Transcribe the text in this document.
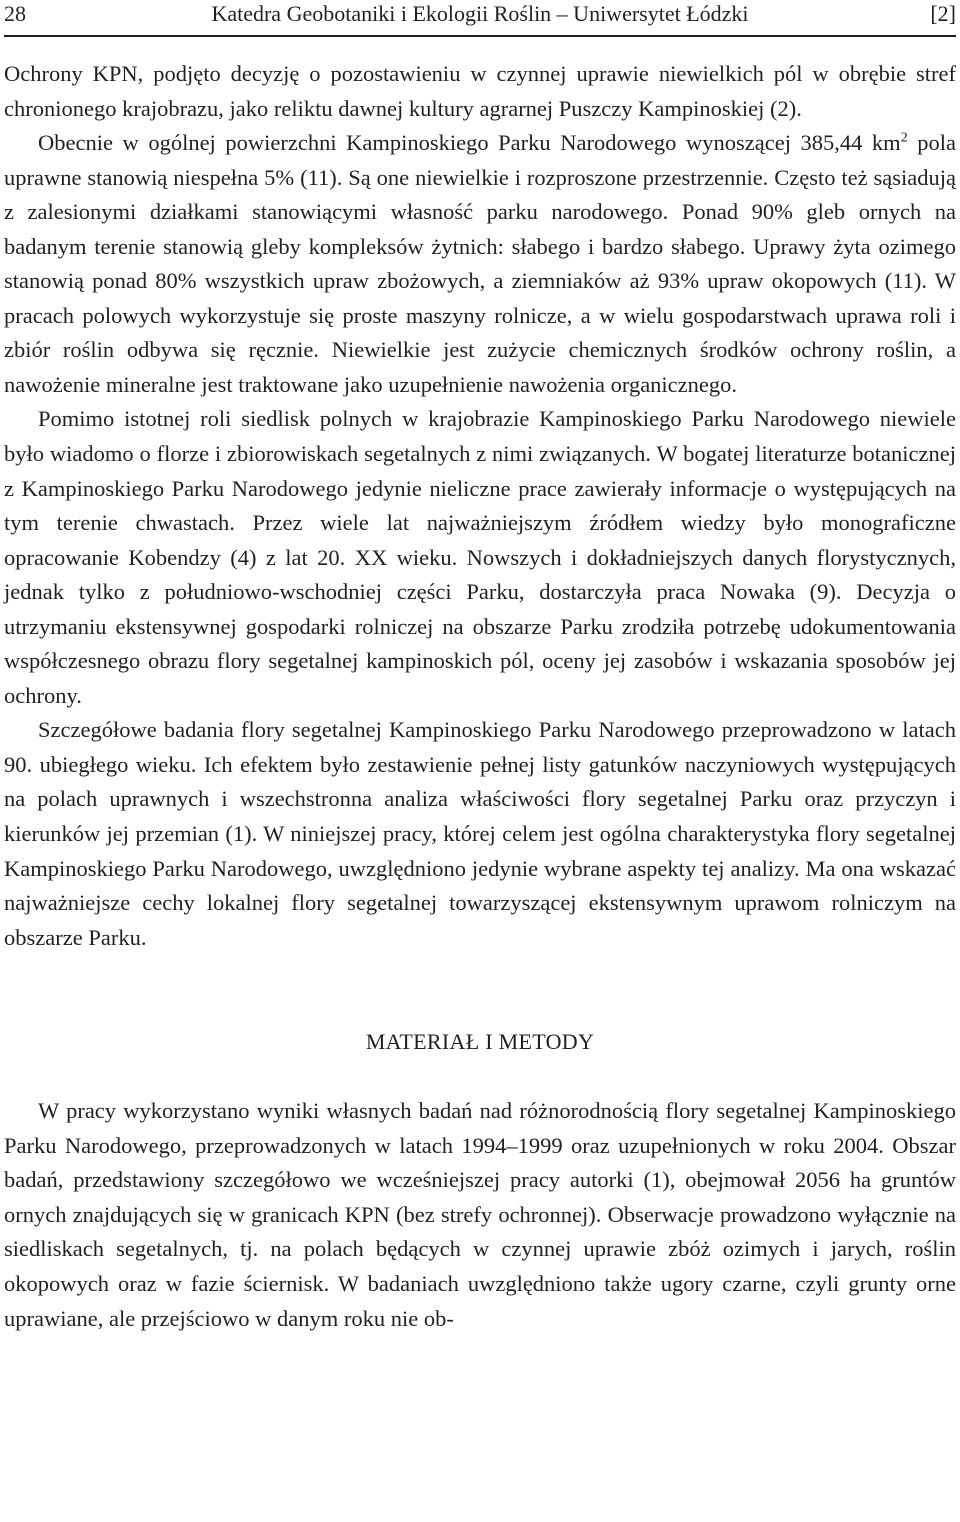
28	Katedra Geobotaniki i Ekologii Roślin – Uniwersytet Łódzki	[2]

Ochrony KPN, podjęto decyzję o pozostawieniu w czynnej uprawie niewielkich pól w obrębie stref chronionego krajobrazu, jako reliktu dawnej kultury agrarnej Puszczy Kampinoskiej (2).

Obecnie w ogólnej powierzchni Kampinoskiego Parku Narodowego wynoszącej 385,44 $km^2$ pola uprawne stanowią niespełna 5% (11). Są one niewielkie i rozproszone przestrzennie. Często też sąsiadują z zalesionymi działkami stanowiącymi własność parku narodowego. Ponad 90% gleb ornych na badanym terenie stanowią gleby kompleksów żytnich: słabego i bardzo słabego. Uprawy żyta ozimego stanowią ponad 80% wszystkich upraw zbożowych, a ziemniaków aż 93% upraw okopowych (11). W pracach polowych wykorzystuje się proste maszyny rolnicze, a w wielu gospodarstwach uprawa roli i zbiór roślin odbywa się ręcznie. Niewielkie jest zużycie chemicznych środków ochrony roślin, a nawożenie mineralne jest traktowane jako uzupełnienie nawożenia organicznego.

Pomimo istotnej roli siedlisk polnych w krajobrazie Kampinoskiego Parku Narodowego niewiele było wiadomo o florze i zbiorowiskach segetalnych z nimi związanych. W bogatej literaturze botanicznej z Kampinoskiego Parku Narodowego jedynie nieliczne prace zawierały informacje o występujących na tym terenie chwastach. Przez wiele lat najważniejszym źródłem wiedzy było monograficzne opracowanie Kobendzy (4) z lat 20. XX wieku. Nowszych i dokładniejszych danych florystycznych, jednak tylko z południowo-wschodniej części Parku, dostarczyła praca Nowaka (9). Decyzja o utrzymaniu ekstensywnej gospodarki rolniczej na obszarze Parku zrodziła potrzebę udokumentowania współczesnego obrazu flory segetalnej kampinoskich pól, oceny jej zasobów i wskazania sposobów jej ochrony.

Szczegółowe badania flory segetalnej Kampinoskiego Parku Narodowego przeprowadzono w latach 90. ubiegłego wieku. Ich efektem było zestawienie pełnej listy gatunków naczyniowych występujących na polach uprawnych i wszechstronna analiza właściwości flory segetalnej Parku oraz przyczyn i kierunków jej przemian (1). W niniejszej pracy, której celem jest ogólna charakterystyka flory segetalnej Kampinoskiego Parku Narodowego, uwzględniono jedynie wybrane aspekty tej analizy. Ma ona wskazać najważniejsze cechy lokalnej flory segetalnej towarzyszącej ekstensywnym uprawom rolniczym na obszarze Parku.

MATERIAŁ I METODY

W pracy wykorzystano wyniki własnych badań nad różnorodnością flory segetalnej Kampinoskiego Parku Narodowego, przeprowadzonych w latach 1994–1999 oraz uzupełnionych w roku 2004. Obszar badań, przedstawiony szczegółowo we wcześniejszej pracy autorki (1), obejmował 2056 ha gruntów ornych znajdujących się w granicach KPN (bez strefy ochronnej). Obserwacje prowadzono wyłącznie na siedliskach segetalnych, tj. na polach będących w czynnej uprawie zbóż ozimych i jarych, roślin okopowych oraz w fazie ściernisk. W badaniach uwzględniono także ugory czarne, czyli grunty orne uprawiane, ale przejściowo w danym roku nie ob-
